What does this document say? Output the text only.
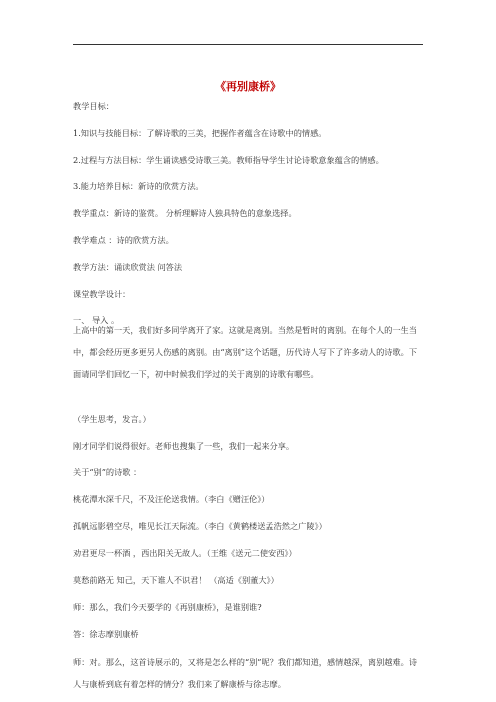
《再别康桥》
教学目标：
1.知识与技能目标：了解诗歌的三美，把握作者蕴含在诗歌中的情感。
2.过程与方法目标：学生诵读感受诗歌三美。教师指导学生讨论诗歌意象蕴含的情感。
3.能力培养目标：新诗的欣赏方法。
教学重点：新诗的鉴赏。 分析理解诗人独具特色的意象选择。
教学难点 ：诗的欣赏方法。
教学方法：诵读欣赏法 问答法
课堂教学设计：
一、 导入 。
上高中的第一天，我们好多同学离开了家。这就是离别。当然是暂时的离别。在每个人的一生当中，都会经历更多更另人伤感的离别。由“离别”这个话题，历代诗人写下了许多动人的诗歌。下面请同学们回忆一下，初中时候我们学过的关于离别的诗歌有哪些。
（学生思考，发言。）
刚才同学们说得很好。老师也搜集了一些，我们一起来分享。
关于“别”的诗歌 ：
桃花潭水深千尺，不及汪伦送我情。（李白《赠汪伦》）
孤帆远影碧空尽，唯见长江天际流。（李白《黄鹤楼送孟浩然之广陵》）
劝君更尽一杯酒 ，西出阳关无故人。（王维《送元二使安西》）
莫愁前路无 知己，天下谁人不识君！ （高适《别董大》）
师：那么，我们今天要学的《再别康桥》，是谁别谁?
答：徐志摩别康桥
师：对。那么，这首诗展示的，又将是怎么样的“别”呢？我们都知道，感情越深，离别越难。诗人与康桥到底有着怎样的情分？我们来了解康桥与徐志摩。
